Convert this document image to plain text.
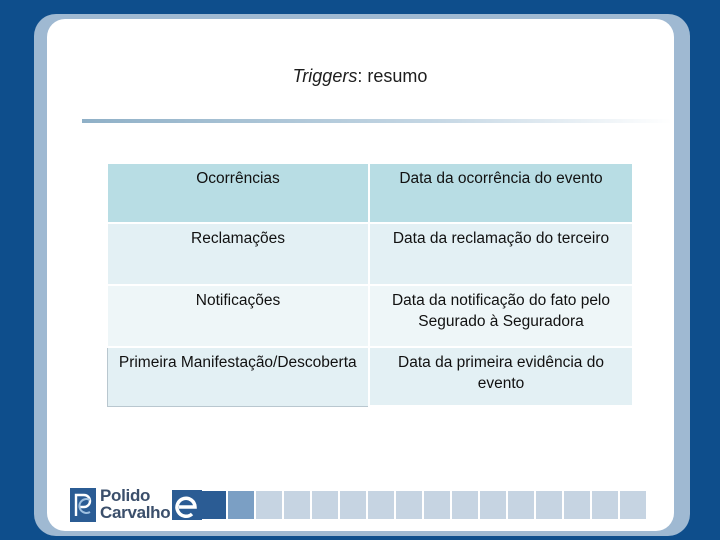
Triggers: resumo
Ocorrências	Data da ocorrência do evento
Reclamações	Data da reclamação do terceiro
Notificações	Data da notificação do fato pelo Segurado à Seguradora
Primeira Manifestação/Descoberta	Data da primeira evidência do evento
Polido
Carvalho
